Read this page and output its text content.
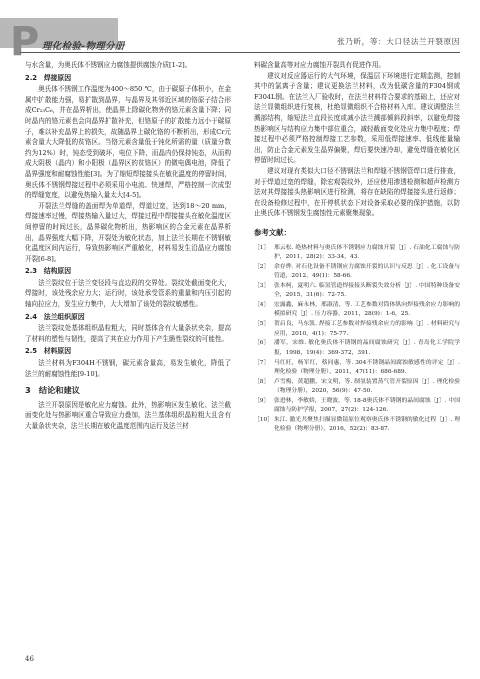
P 理化检验-物理分册	张乃昕，等：大口径法兰开裂原因
与水含量，为奥氏体不锈钢应力腐蚀提供腐蚀介质[1-2]。
2.2　焊接原因
奥氏体不锈钢工作温度为400～850 ℃，由于碳原子体积小，在金属中扩散能力强，易扩散到晶界，与晶界及其邻近区域的铬原子结合形成Cr₂₃C₆，并在晶界析出，使晶界上除碳化物外的铬元素含量下降；同时晶内的铬元素也会向晶界扩散补充，但铬原子的扩散能力远小于碳原子，难以补充晶界上的损失，故随晶界上碳化铬的不断析出，形成Cr元素含量大大降低的贫铬区。当铬元素含量低于钝化所需的量（质量分数约为12%）时，钝态受到破坏，电位下降，而晶内仍保持钝态，从而构成大阴极（晶内）和小阳极（晶界区的贫铬区）的微电偶电池，降低了晶界强度和耐腐蚀性能[3]。为了缩短焊接接头在敏化温度的停留时间，奥氏体不锈钢焊接过程中必须采用小电流、快速焊，严格控制一次成型的焊缝宽度，以避免热输入量太大[4-5]。
开裂法兰焊缝的盖面焊为单道焊，焊道过宽，达到18～20 mm，焊接速率过慢，焊接热输入量过大，焊接过程中焊接接头在敏化温度区间停留的时间过长，晶界碳化物析出，热影响区的合金元素在晶界析出，晶界强度大幅下降，开裂处为敏化状态，加上法兰长期在不锈钢敏化温度区间内运行，导致热影响区严重敏化，材料易发生沿晶应力腐蚀开裂[6-8]。
2.3　结构原因
法兰裂纹位于法兰变径段与直边段的交界处。裂纹处截面变化大，焊接时，该处残余应力大；运行时，该处承受管系的重量和内压引起的轴向拉应力，发生应力集中，大大增加了该处的裂纹敏感性。
2.4　法兰组织原因
法兰裂纹处基体组织晶粒粗大，同时基体含有大量条状夹杂，提高了材料的塑性与韧性，提高了其在应力作用下产生脆性裂纹的可能性。
2.5　材料原因
法兰材料为F304H不锈钢，碳元素含量高，易发生敏化，降低了法兰的耐腐蚀性能[9-10]。
3　结论和建议
法兰开裂原因是敏化应力腐蚀。此外，热影响区发生敏化、法兰截面变化处与热影响区重合导致应力叠加，法兰基体组织晶粒粗大且含有大量条状夹杂，法兰长期在敏化温度范围内运行及法兰材
料碳含量高等对应力腐蚀开裂具有促进作用。
建议对反应器运行的大气环境，保温层下环境进行定期监测，控制其中的氯离子含量；建议更换法兰材料，改为低碳含量的F304钢或F304L钢。在法兰入厂验收时，在法兰材料符合要求的基础上，还应对法兰显微组织进行复核，杜绝显微组织不合格材料入库。建议调整法兰溅部结构，缩短法兰直段长度或减小法兰溅部倾斜段斜率，以避免焊接热影响区与结构应力集中部位重合，减轻截面变化处应力集中程度；焊接过程中必须严格控制焊接工艺参数，采用低焊接速率、低线能量输出，防止合金元素发生晶界偏聚，焊后要快速冷却，避免焊缝在敏化区停留时间过长。
建议对现有类似大口径不锈钢法兰和焊缝不锈钢管焊口进行排查，对于焊道过宽的焊缝，除宏观裂纹外，还应使用渗透检测和超声检测方法对其焊接接头热影响区进行检测，将存在缺陷的焊接接头进行返修；在设备检修过程中，在开停机状态下对设备采取必要的保护措施，以防止奥氏体不锈钢发生腐蚀性元素聚集现象。
参考文献：
［1］ 邢云松. 绝热材料与奥氏体不锈钢应力腐蚀开裂［J］. 石油化工腐蚀与防护，2011，28(2)：33-34，43.
［2］ 余存烨. 对石化设备不锈钢应力腐蚀开裂的认识与反思［J］. 化工设备与管道，2012，49(1)：58-66.
［3］ 张本柯，夏明六. 临氢管道焊接接头断裂失效分析［J］. 中国特种设备安全，2015，31(6)：72-75.
［4］ 宏露鑫，麻永林，邢淑清，等. 工艺参数对筒体纵向焊接残余应力影响的模拟研究［J］. 压力容器，2011，28(9)：1-6，25.
［5］ 贺启良，马东凯. 焊接工艺参数对焊接残余应力的影响［J］. 材料研究与应用，2010，4(1)：75-77.
［6］ 潘军，宋维. 敏化奥氏体不锈钢的晶间腐蚀研究［J］. 青岛化工学院学报，1998，19(4)：369-372，391.
［7］ 马红旺，杨军红，蔡同惠，等. 304不锈钢晶间腐蚀敏感性的评定［J］. 理化检验（物理分册），2011，47(11)：686-689.
［8］ 卢雪梅，黄超鹏，宋文明，等. 制氢装置蒸气管开裂原因［J］. 理化检验（物理分册），2020，56(9)：47-50.
［9］ 张进林，李敏娇，王晓波，等. 18-8奥氏体不锈钢的晶间腐蚀［J］. 中国腐蚀与防护学报，2007，27(2)：124-126.
［10］ 朱江. 激光共聚焦扫描显微镜原位观察奥氏体不锈钢的敏化过程［J］. 理化检验（物理分册），2016，52(2)：83-87.
46
